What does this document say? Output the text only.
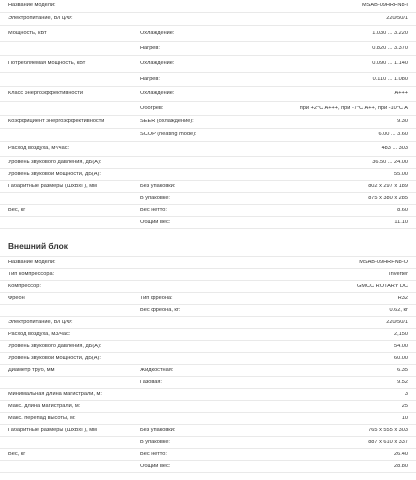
Название модели:	MSAB-09HRFN8-I
Электропитание, В/Гц/Ф:	220/50/1
Мощность, кВт	Охлаждение:	1.030 ... 3.220
Нагрев:	0.820 ... 3.370
Потребляемая мощность, кВт	Охлаждение:	0.090 ... 1.140
Нагрев:	0.110 ... 1.080
Класс энергоэффективности	Охлаждение:	A+++
Обогрев:	при +2°C A+++, при -7°C A++, при -10°C A
Коэффициент энергоэффективности	SEER (охлаждение):	9.30
SCOP (heating mode):	6.00 ... 3.60
Расход воздуха, м³/час:	483 ... 303
Уровень звукового давления, дБ(А):	36.50 ... 24.00
Уровень звуковой мощности, дБ(А):	55.00
Габаритные размеры (ШхВхГ), мм	Без упаковки:	802 x 297 x 189
В упаковке:	875 x 380 x 285
Вес, кг	Вес нетто:	8.60
Общий вес:	11.10
Внешний блок
Название модели:	MSAB-09HRFN8-O
Тип компрессора:	Inverter
Компрессор:	GMCC ROTARY DC
Фреон	Тип фреона:	R32
Вес фреона, кг:	0.62, кг
Электропитание, В/Гц/Ф:	220/50/1
Расход воздуха, м3/час:	2,150
Уровень звукового давления, дБ(А):	54.00
Уровень звуковой мощности, дБ(А):	60.00
Диаметр труб, мм	Жидкостная:	6.35
Газовая:	9.52
Минимальная длина магистрали, м:	3
Макс. длина магистрали, м:	25
Макс. перепад высоты, м:	10
Габаритные размеры (ШхВхГ), мм	Без упаковки:	765 x 555 x 303
В упаковке:	887 x 610 x 337
Вес, кг	Вес нетто:	26.40
Общий вес:	28.80
